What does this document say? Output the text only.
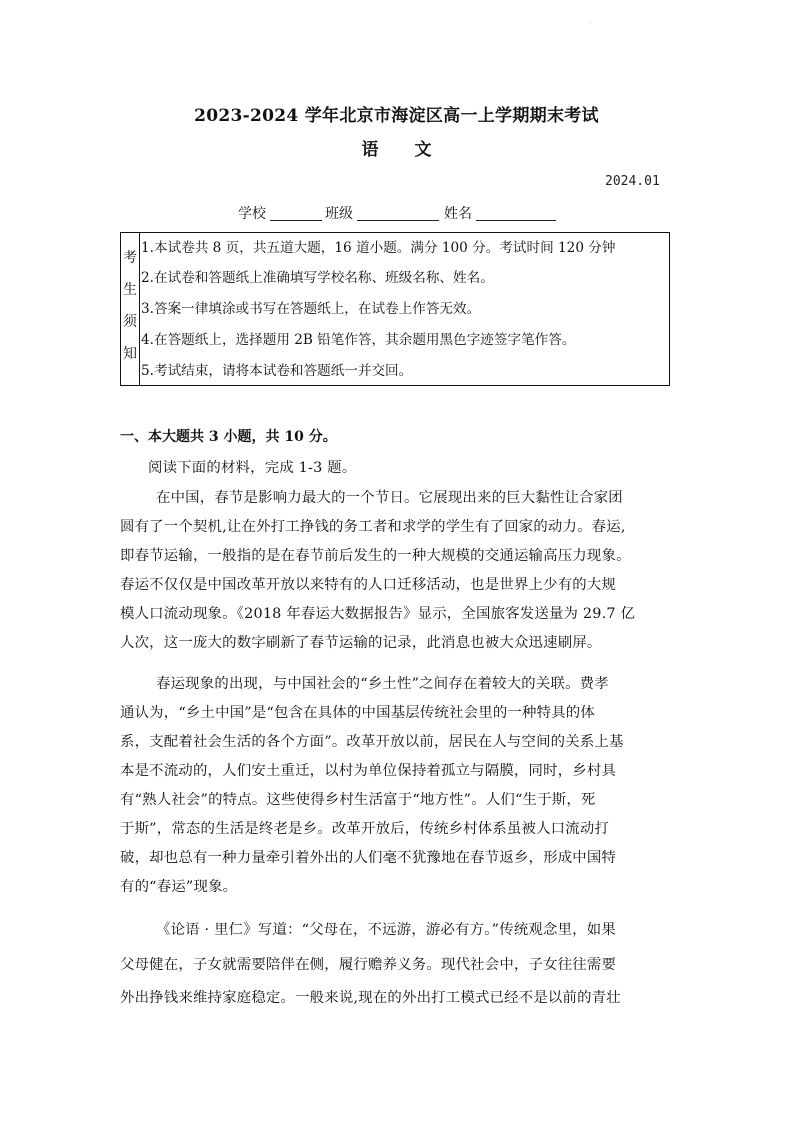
.
2023-2024 学年北京市海淀区高一上学期期末考试
语 文
2024.01
学校	班级	姓名
考
生
须
知
1.本试卷共 8 页，共五道大题，16 道小题。满分 100 分。考试时间 120 分钟
2.在试卷和答题纸上准确填写学校名称、班级名称、姓名。
3.答案一律填涂或书写在答题纸上，在试卷上作答无效。
4.在答题纸上，选择题用 2B 铅笔作答，其余题用黑色字迹签字笔作答。
5.考试结束，请将本试卷和答题纸一并交回。
一、本大题共 3 小题，共 10 分。
阅读下面的材料，完成 1-3 题。
在中国，春节是影响力最大的一个节日。它展现出来的巨大黏性让合家团
圆有了一个契机,让在外打工挣钱的务工者和求学的学生有了回家的动力。春运,
即春节运输，一般指的是在春节前后发生的一种大规模的交通运输高压力现象。
春运不仅仅是中国改革开放以来特有的人口迁移活动，也是世界上少有的大规
模人口流动现象。《2018 年春运大数据报告》显示，全国旅客发送量为 29.7 亿
人次，这一庞大的数字刷新了春节运输的记录，此消息也被大众迅速刷屏。
春运现象的出现，与中国社会的“乡土性”之间存在着较大的关联。费孝
通认为，“乡土中国”是“包含在具体的中国基层传统社会里的一种特具的体
系，支配着社会生活的各个方面”。改革开放以前，居民在人与空间的关系上基
本是不流动的，人们安土重迁，以村为单位保持着孤立与隔膜，同时，乡村具
有“熟人社会”的特点。这些使得乡村生活富于“地方性”。人们“生于斯，死
于斯”，常态的生活是终老是乡。改革开放后，传统乡村体系虽被人口流动打
破，却也总有一种力量牵引着外出的人们毫不犹豫地在春节返乡，形成中国特
有的“春运”现象。
《论语 · 里仁》写道：“父母在，不远游，游必有方。”传统观念里，如果
父母健在，子女就需要陪伴在侧，履行赡养义务。现代社会中，子女往往需要
外出挣钱来维持家庭稳定。一般来说,现在的外出打工模式已经不是以前的青壮
